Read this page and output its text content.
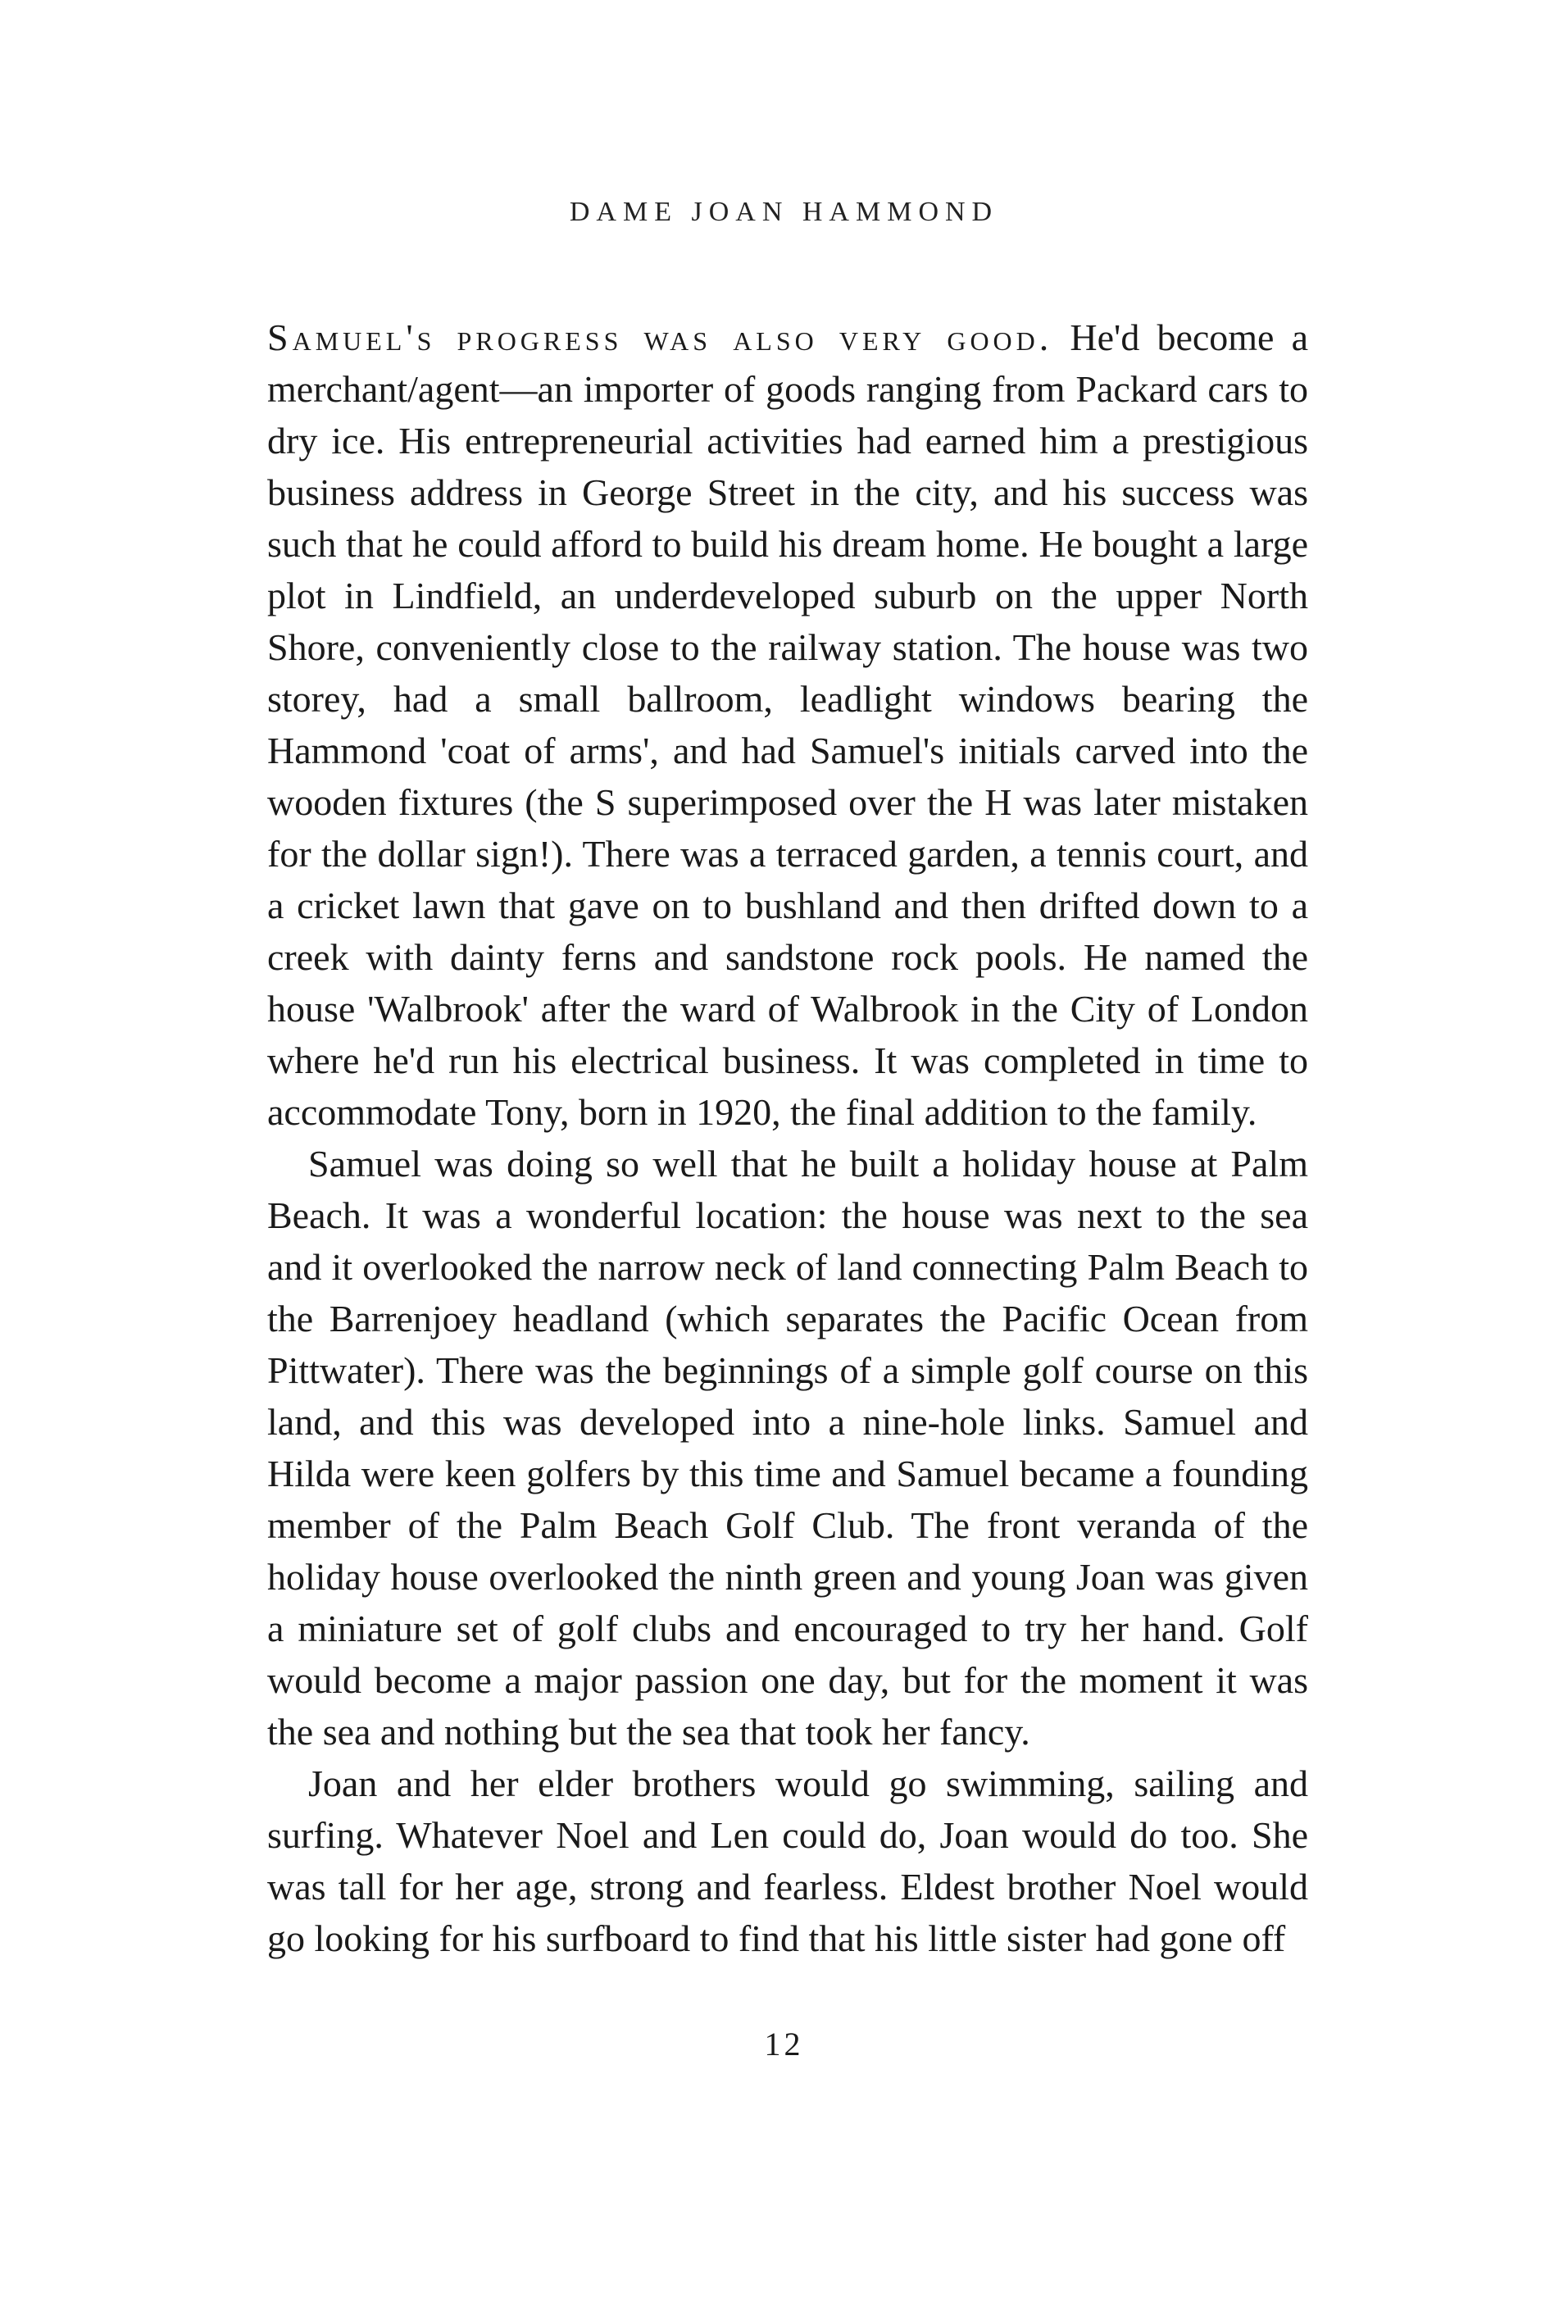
DAME JOAN HAMMOND

Samuel's progress was also very good. He'd become a merchant/agent—an importer of goods ranging from Packard cars to dry ice. His entrepreneurial activities had earned him a prestigious business address in George Street in the city, and his success was such that he could afford to build his dream home. He bought a large plot in Lindfield, an underdeveloped suburb on the upper North Shore, conveniently close to the railway station. The house was two storey, had a small ballroom, leadlight windows bearing the Hammond 'coat of arms', and had Samuel's initials carved into the wooden fixtures (the S superimposed over the H was later mistaken for the dollar sign!). There was a terraced garden, a tennis court, and a cricket lawn that gave on to bushland and then drifted down to a creek with dainty ferns and sandstone rock pools. He named the house 'Walbrook' after the ward of Walbrook in the City of London where he'd run his electrical business. It was completed in time to accommodate Tony, born in 1920, the final addition to the family.

Samuel was doing so well that he built a holiday house at Palm Beach. It was a wonderful location: the house was next to the sea and it overlooked the narrow neck of land connecting Palm Beach to the Barrenjoey headland (which separates the Pacific Ocean from Pittwater). There was the beginnings of a simple golf course on this land, and this was developed into a nine-hole links. Samuel and Hilda were keen golfers by this time and Samuel became a founding member of the Palm Beach Golf Club. The front veranda of the holiday house overlooked the ninth green and young Joan was given a miniature set of golf clubs and encouraged to try her hand. Golf would become a major passion one day, but for the moment it was the sea and nothing but the sea that took her fancy.

Joan and her elder brothers would go swimming, sailing and surfing. Whatever Noel and Len could do, Joan would do too. She was tall for her age, strong and fearless. Eldest brother Noel would go looking for his surfboard to find that his little sister had gone off

12
